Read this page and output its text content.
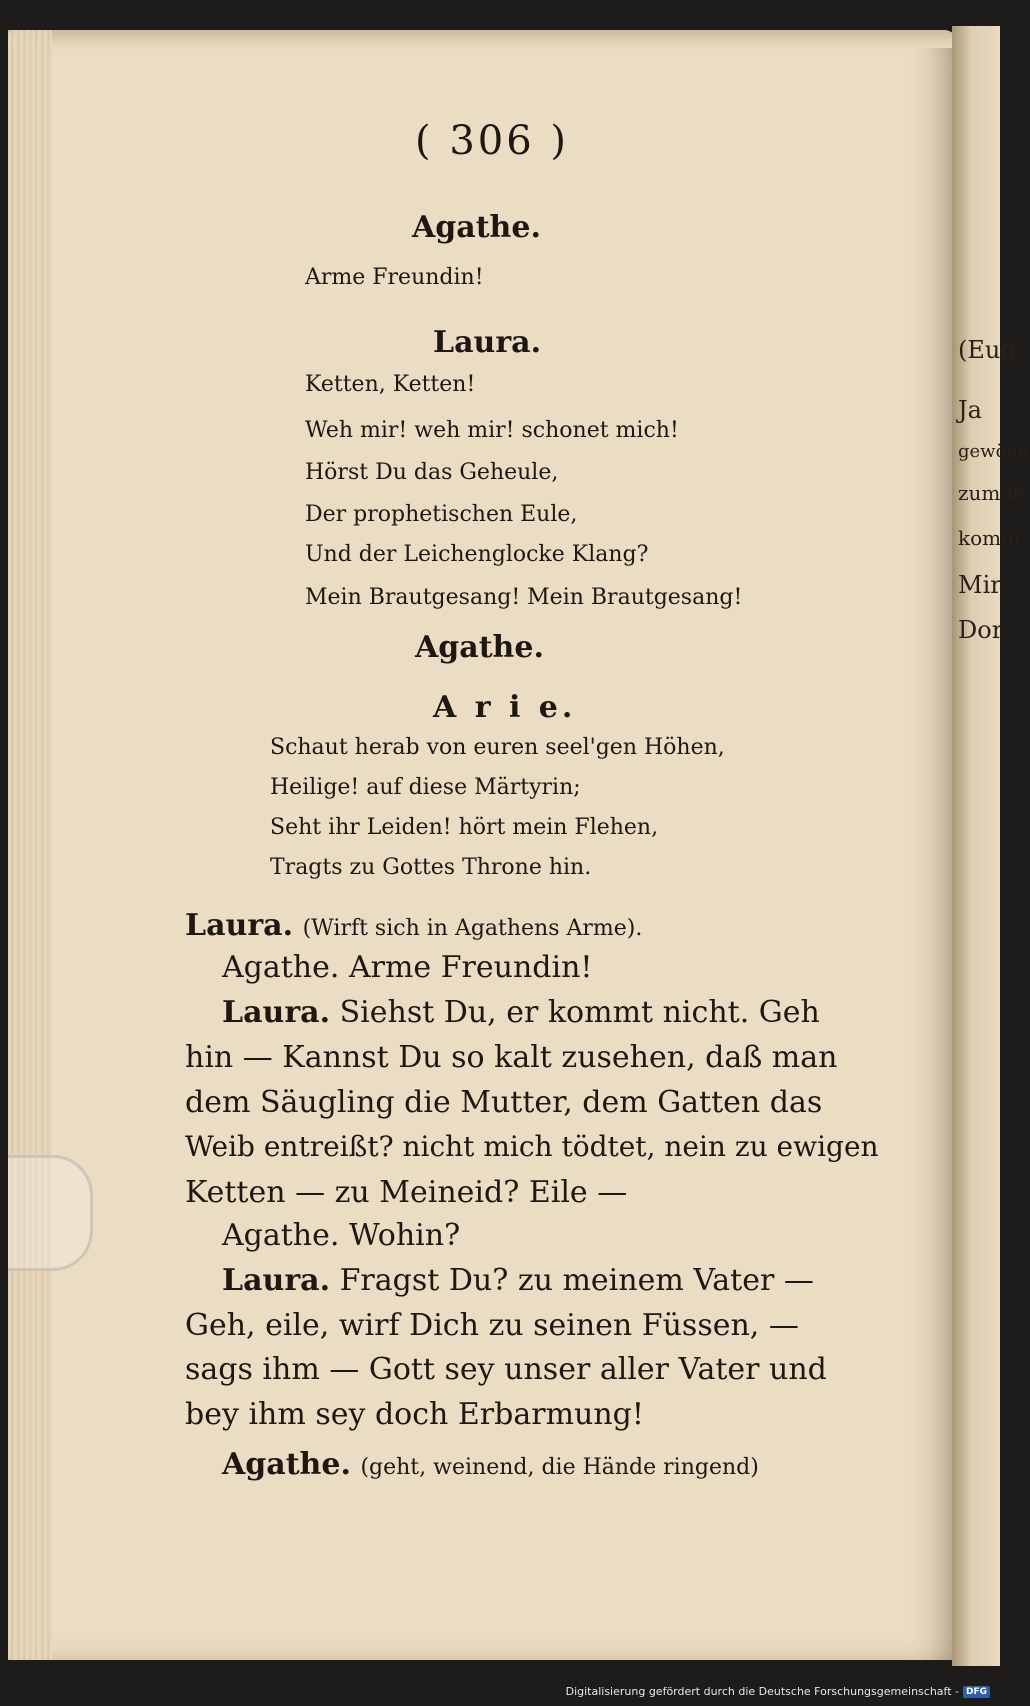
(Eug
Ja
gewöhn
zum le
komm
Mir
Dor
( 306 )
Agathe.
Arme Freundin!
Laura.
Ketten, Ketten!
Weh mir! weh mir! schonet mich!
Hörst Du das Geheule,
Der prophetischen Eule,
Und der Leichenglocke Klang?
Mein Brautgesang! Mein Brautgesang!
Agathe.
A r i e.
Schaut herab von euren seel'gen Höhen,
Heilige! auf diese Märtyrin;
Seht ihr Leiden! hört mein Flehen,
Tragts zu Gottes Throne hin.
Laura. (Wirft sich in Agathens Arme).
Agathe. Arme Freundin!
Laura. Siehst Du, er kommt nicht. Geh
hin — Kannst Du so kalt zusehen, daß man
dem Säugling die Mutter, dem Gatten das
Weib entreißt? nicht mich tödtet, nein zu ewigen
Ketten — zu Meineid? Eile —
Agathe. Wohin?
Laura. Fragst Du? zu meinem Vater —
Geh, eile, wirf Dich zu seinen Füssen, —
sags ihm — Gott sey unser aller Vater und
bey ihm sey doch Erbarmung!
Agathe. (geht, weinend, die Hände ringend)
Digitalisierung gefördert durch die Deutsche Forschungsgemeinschaft - DFG
